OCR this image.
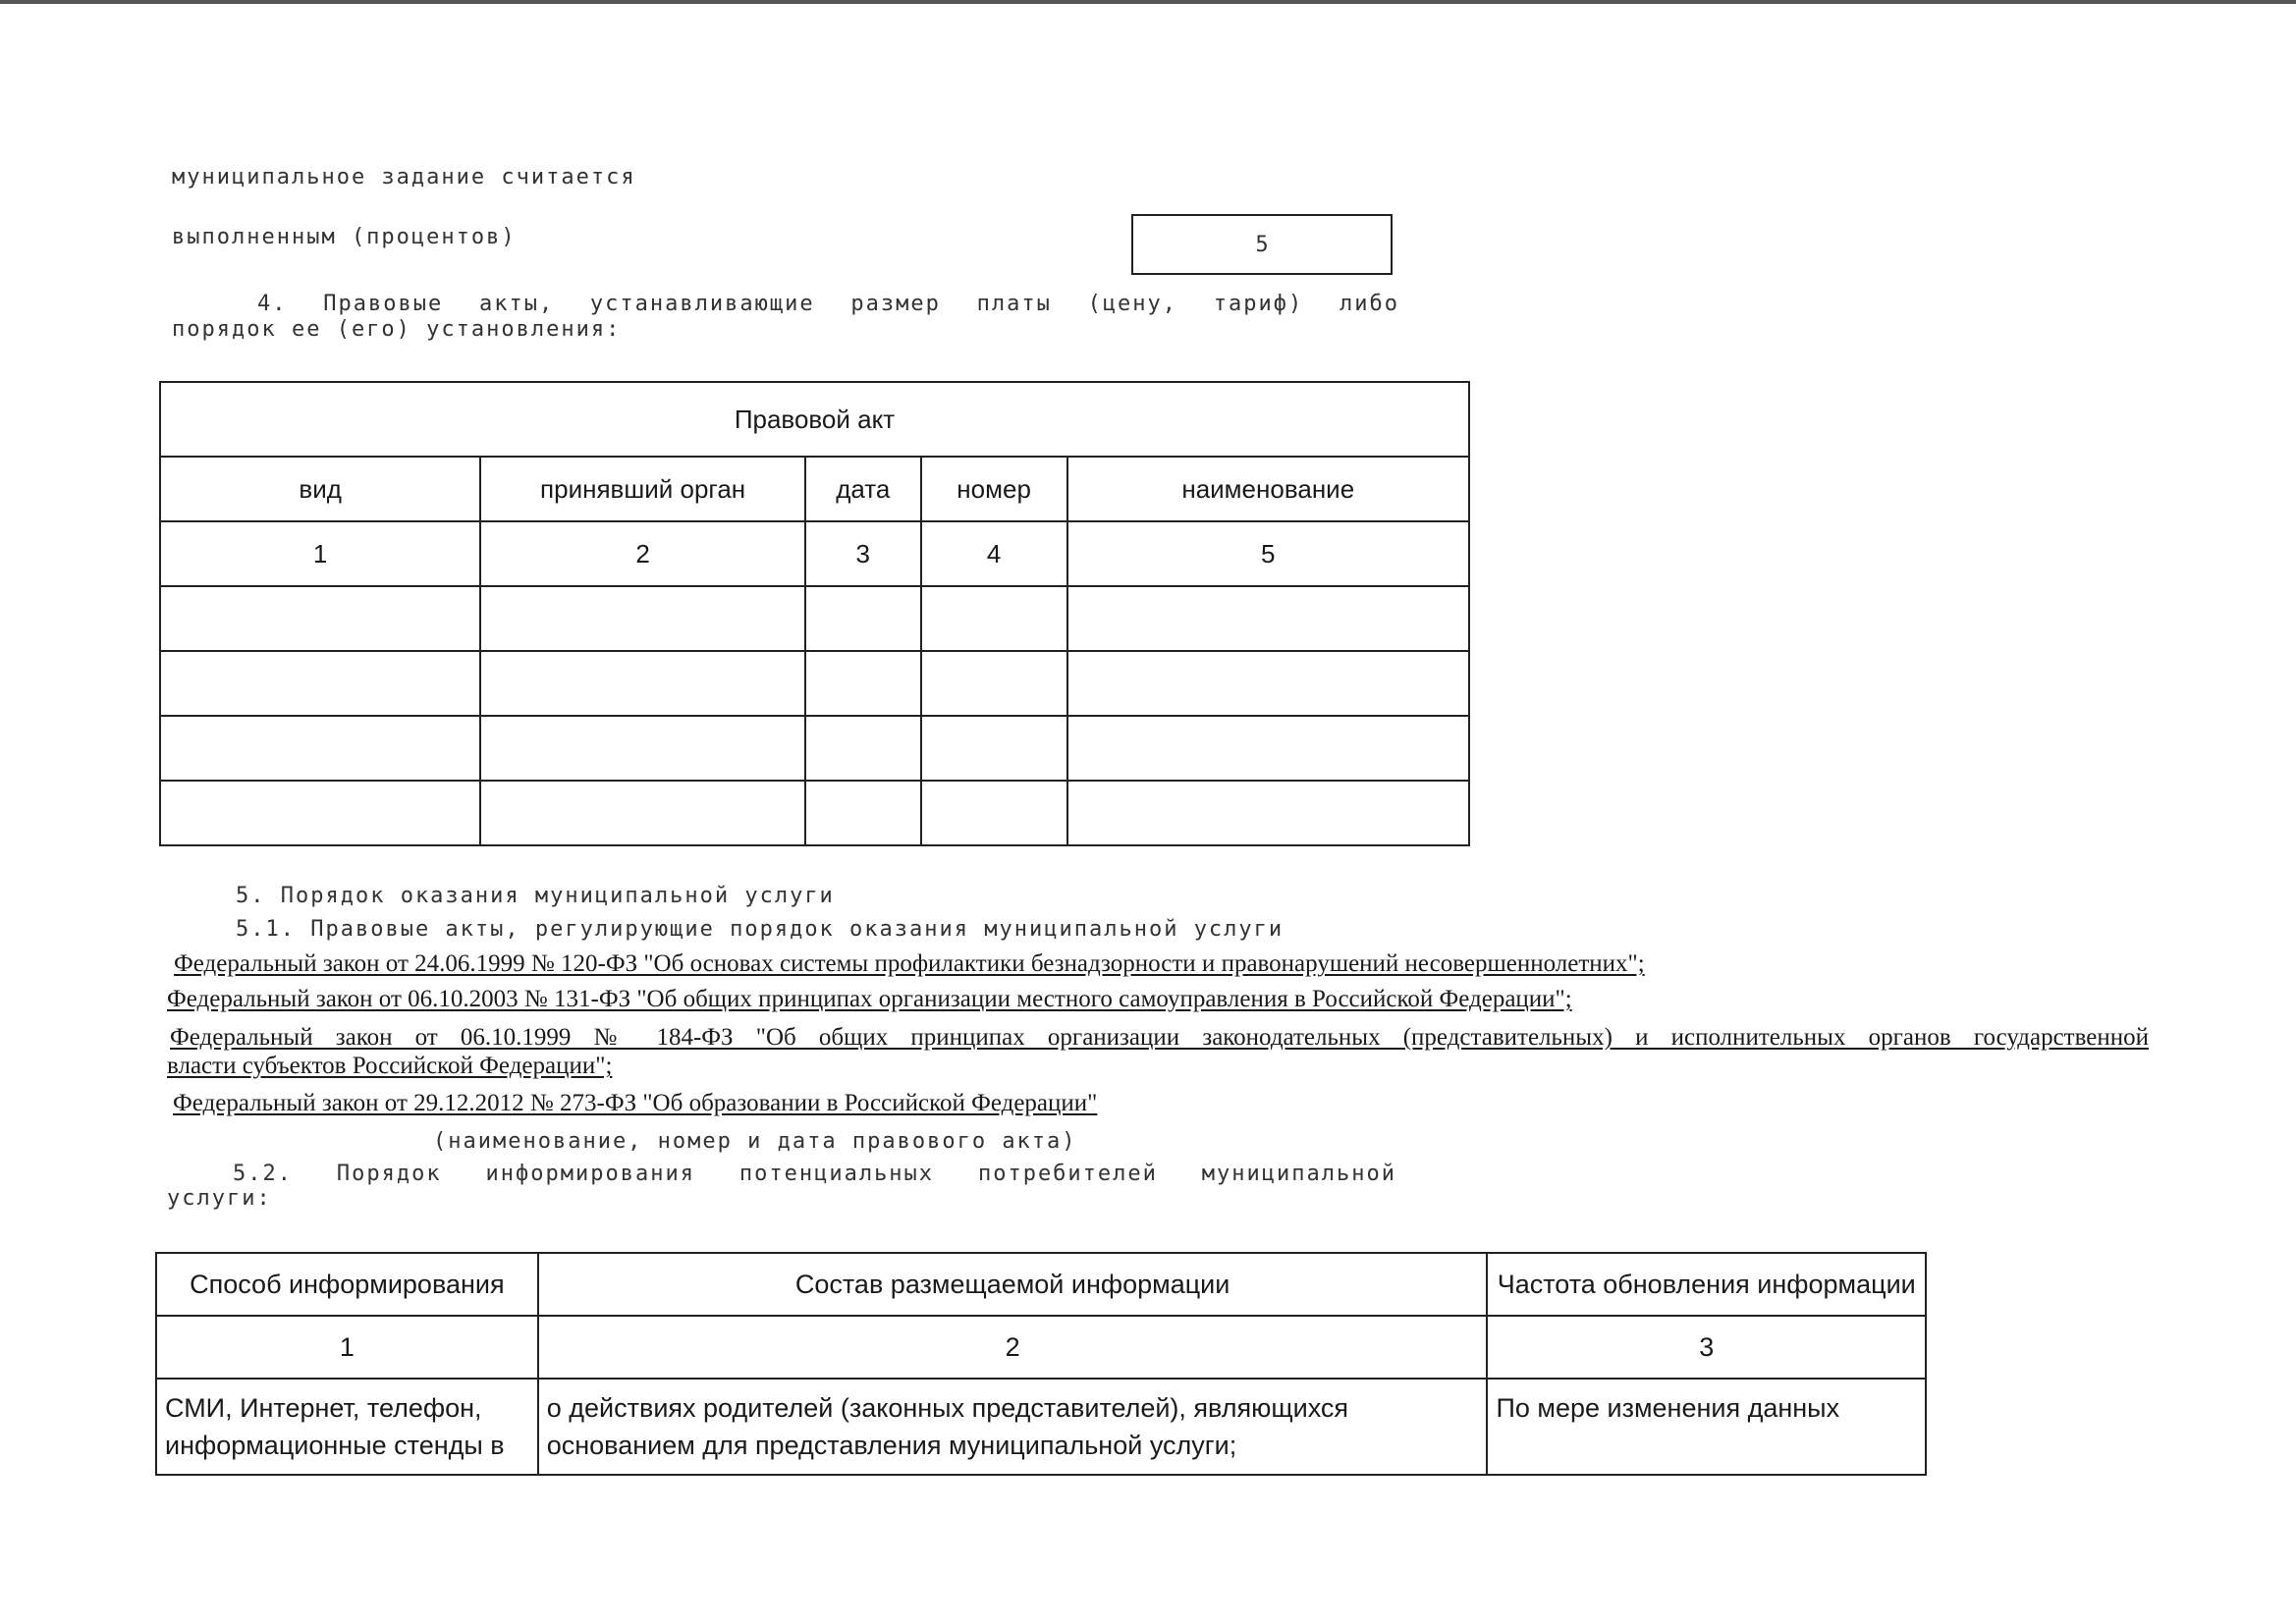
муниципальное задание считается
выполненным (процентов)	5
4. Правовые акты, устанавливающие размер платы (цену, тариф) либо
порядок ее (его) установления:
Правовой акт				
вид	принявший орган	дата	номер	наименование
1	2	3	4	5

5. Порядок оказания муниципальной услуги
5.1. Правовые акты, регулирующие порядок оказания муниципальной услуги
Федеральный закон от 24.06.1999 № 120-ФЗ "Об основах системы профилактики безнадзорности и правонарушений несовершеннолетних";
Федеральный закон от 06.10.2003 № 131-ФЗ "Об общих принципах организации местного самоуправления в Российской Федерации";
Федеральный закон от 06.10.1999 № 184-ФЗ "Об общих принципах организации законодательных (представительных) и исполнительных органов государственной
власти субъектов Российской Федерации";
Федеральный закон от 29.12.2012 № 273-ФЗ "Об образовании в Российской Федерации"
(наименование, номер и дата правового акта)
5.2. Порядок информирования потенциальных потребителей муниципальной
услуги:
Способ информирования	Состав размещаемой информации	Частота обновления информации
1	2	3
СМИ, Интернет, телефон, информационные стенды в	о действиях родителей (законных представителей), являющихся основанием для представления муниципальной услуги;	По мере изменения данных
